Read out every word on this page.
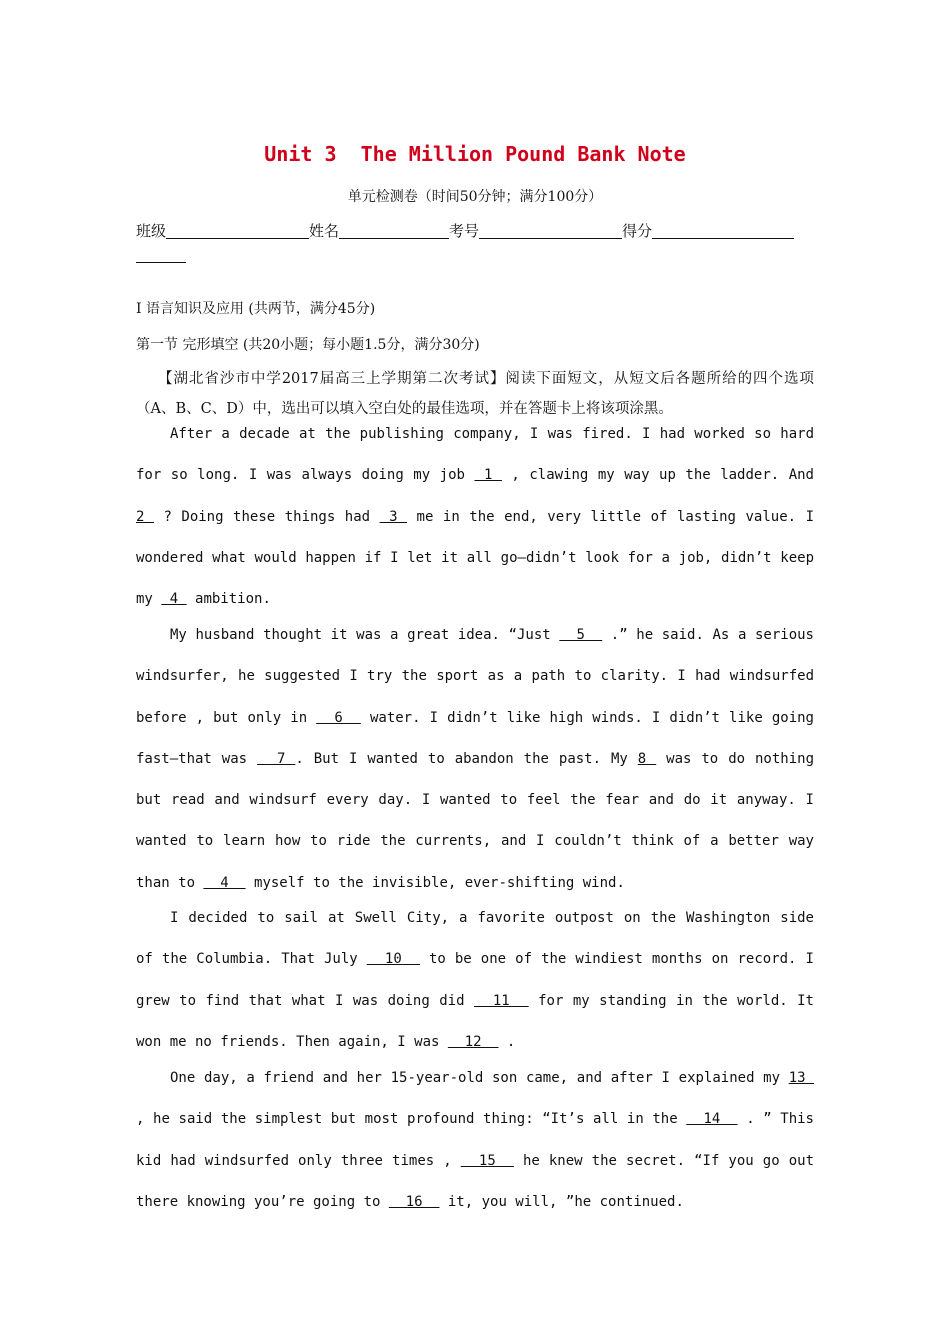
Unit 3  The Million Pound Bank Note
单元检测卷（时间50分钟；满分100分）
班级	姓名	考号	得分
I 语言知识及应用 (共两节，满分45分)
第一节 完形填空 (共20小题；每小题1.5分，满分30分)
【湖北省沙市中学2017届高三上学期第二次考试】阅读下面短文，从短文后各题所给的四个选项（A、B、C、D）中，选出可以填入空白处的最佳选项，并在答题卡上将该项涂黑。
After a decade at the publishing company, I was fired. I had worked so hard for so long. I was always doing my job  1  , clawing my way up the ladder. And 2  ? Doing these things had  3  me in the end, very little of lasting value. I wondered what would happen if I let it all go—didn’t look for a job, didn’t keep my  4  ambition.
My husband thought it was a great idea. “Just   5   .” he said. As a serious windsurfer, he suggested I try the sport as a path to clarity. I had windsurfed before , but only in   6   water. I didn’t like high winds. I didn’t like going fast—that was   7 . But I wanted to abandon the past. My 8  was to do nothing but read and windsurf every day. I wanted to feel the fear and do it anyway. I wanted to learn how to ride the currents, and I couldn’t think of a better way than to   4   myself to the invisible, ever-shifting wind.
I decided to sail at Swell City, a favorite outpost on the Washington side of the Columbia. That July   10   to be one of the windiest months on record. I grew to find that what I was doing did   11   for my standing in the world. It won me no friends. Then again, I was   12   .
One day, a friend and her 15-year-old son came, and after I explained my 13  , he said the simplest but most profound thing: “It’s all in the   14   . ” This kid had windsurfed only three times ,   15   he knew the secret. “If you go out there knowing you’re going to   16   it, you will, ”he continued.
